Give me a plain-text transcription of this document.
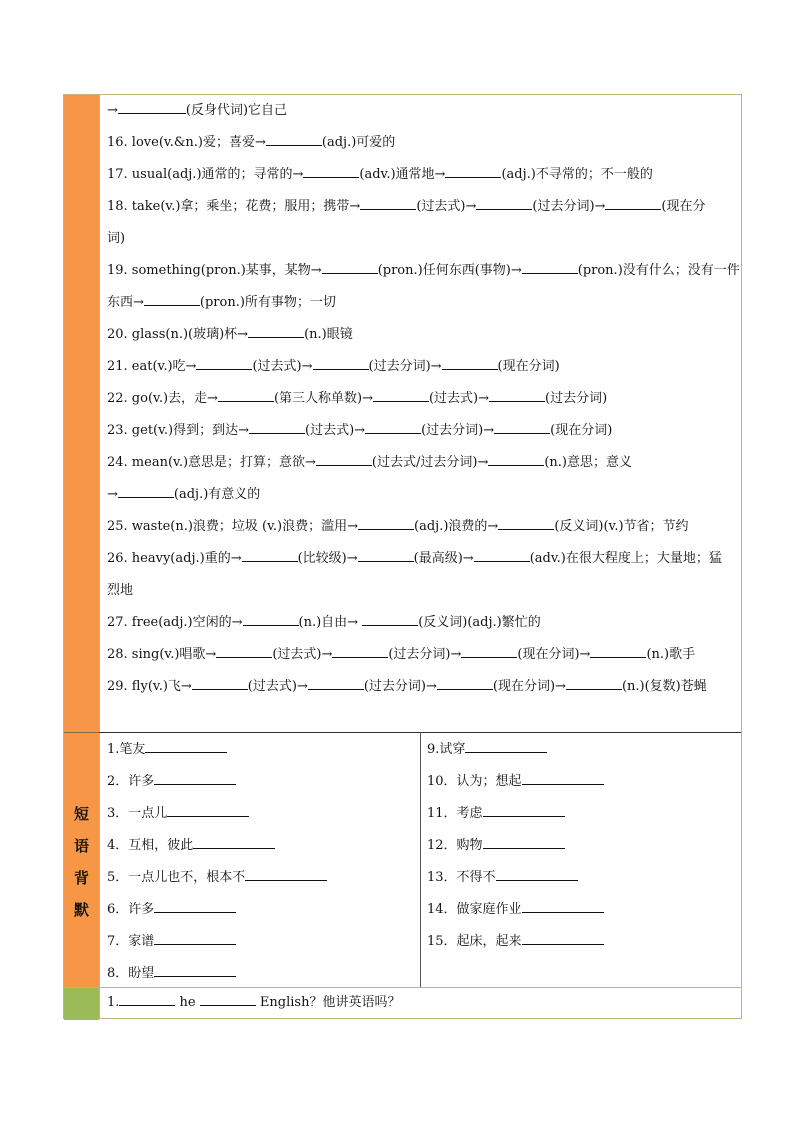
短
语
背
默
→	(反身代词)它自己
16. love(v.&n.)爱；喜爱→	(adj.)可爱的
17. usual(adj.)通常的；寻常的→	(adv.)通常地→	(adj.)不寻常的；不一般的
18. take(v.)拿；乘坐；花费；服用；携带→	(过去式)→	(过去分词)→	(现在分
词)
19. something(pron.)某事，某物→	(pron.)任何东西(事物)→	(pron.)没有什么；没有一件
东西→	(pron.)所有事物；一切
20. glass(n.)(玻璃)杯→	(n.)眼镜
21. eat(v.)吃→	(过去式)→	(过去分词)→	(现在分词)
22. go(v.)去，走→	(第三人称单数)→	(过去式)→	(过去分词)
23. get(v.)得到；到达→	(过去式)→	(过去分词)→	(现在分词)
24. mean(v.)意思是；打算；意欲→	(过去式/过去分词)→	(n.)意思；意义
→	(adj.)有意义的
25. waste(n.)浪费；垃圾 (v.)浪费；滥用→	(adj.)浪费的→	(反义词)(v.)节省；节约
26. heavy(adj.)重的→	(比较级)→	(最高级)→	(adv.)在很大程度上；大量地；猛
烈地
27. free(adj.)空闲的→	(n.)自由→	(反义词)(adj.)繁忙的
28. sing(v.)唱歌→	(过去式)→	(过去分词)→	(现在分词)→	(n.)歌手
29. fly(v.)飞→	(过去式)→	(过去分词)→	(现在分词)→	(n.)(复数)苍蝇
1.笔友
2．许多
3．一点儿
4．互相，彼此
5．一点儿也不，根本不
6．许多
7．家谱
8．盼望
9.试穿
10．认为；想起
11．考虑
12．购物
13．不得不
14．做家庭作业
15．起床，起来
1.	he	English？他讲英语吗？
